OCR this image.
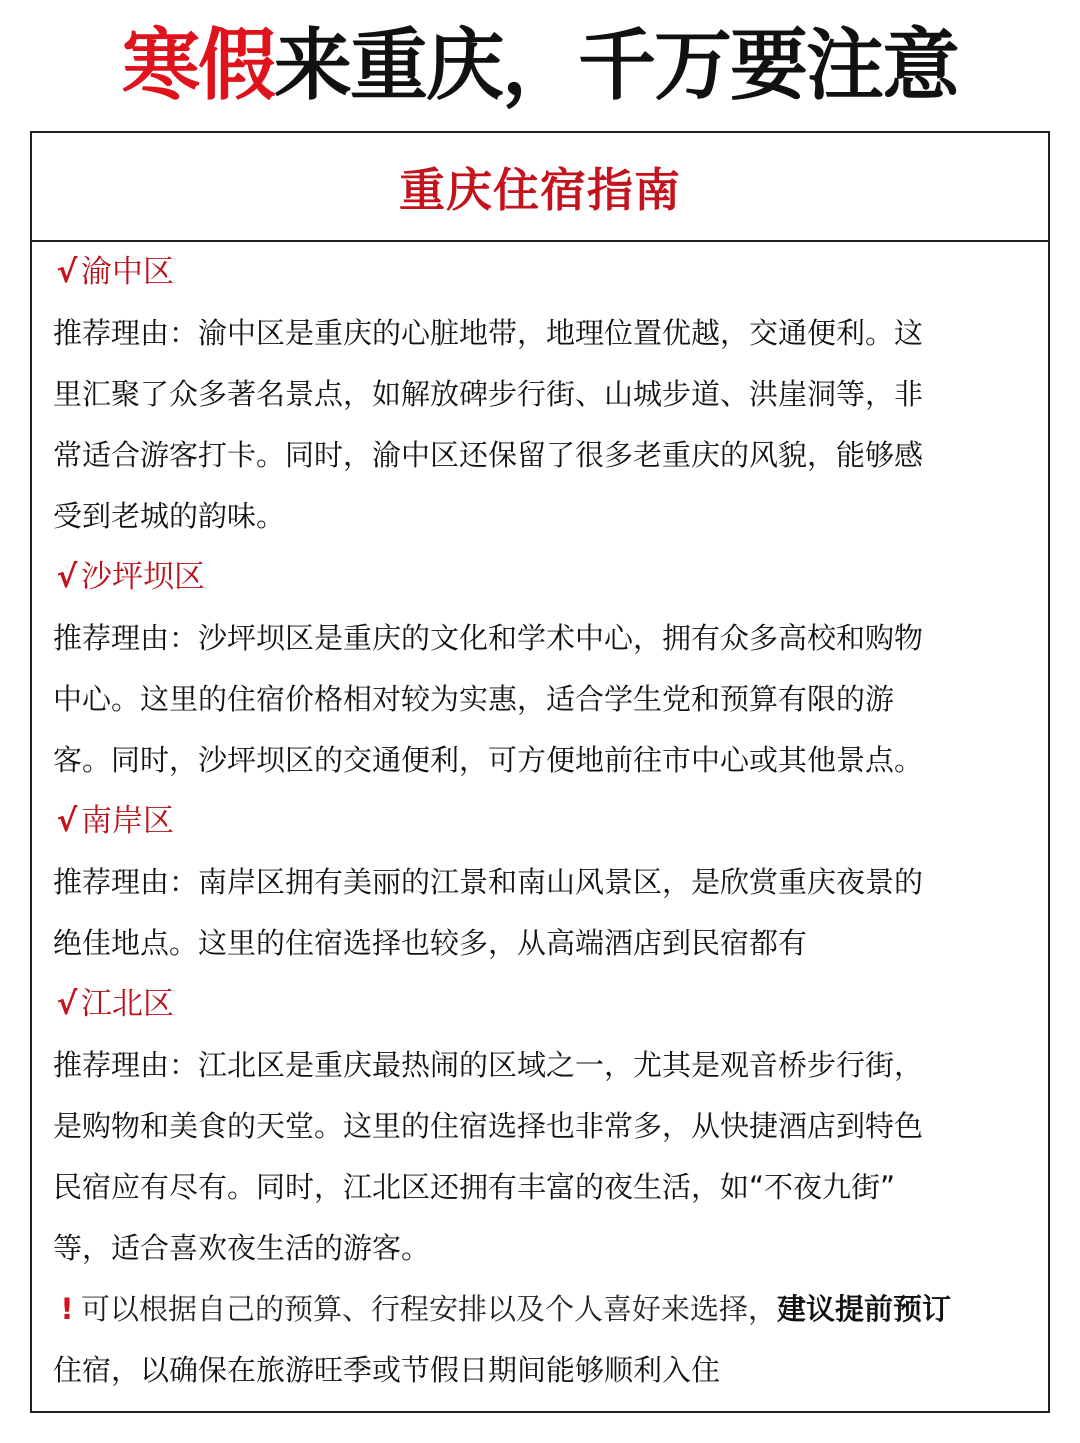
寒假来重庆，千万要注意
重庆住宿指南
√ 渝中区
推荐理由：渝中区是重庆的心脏地带，地理位置优越，交通便利。这
里汇聚了众多著名景点，如解放碑步行街、山城步道、洪崖洞等，非
常适合游客打卡。同时，渝中区还保留了很多老重庆的风貌，能够感
受到老城的韵味。
√ 沙坪坝区
推荐理由：沙坪坝区是重庆的文化和学术中心，拥有众多高校和购物
中心。这里的住宿价格相对较为实惠，适合学生党和预算有限的游
客。同时，沙坪坝区的交通便利，可方便地前往市中心或其他景点。
√ 南岸区
推荐理由：南岸区拥有美丽的江景和南山风景区，是欣赏重庆夜景的
绝佳地点。这里的住宿选择也较多，从高端酒店到民宿都有
√ 江北区
推荐理由：江北区是重庆最热闹的区域之一，尤其是观音桥步行街，
是购物和美食的天堂。这里的住宿选择也非常多，从快捷酒店到特色
民宿应有尽有。同时，江北区还拥有丰富的夜生活，如“不夜九街”
等，适合喜欢夜生活的游客。
! 可以根据自己的预算、行程安排以及个人喜好来选择，建议提前预订
住宿，以确保在旅游旺季或节假日期间能够顺利入住
